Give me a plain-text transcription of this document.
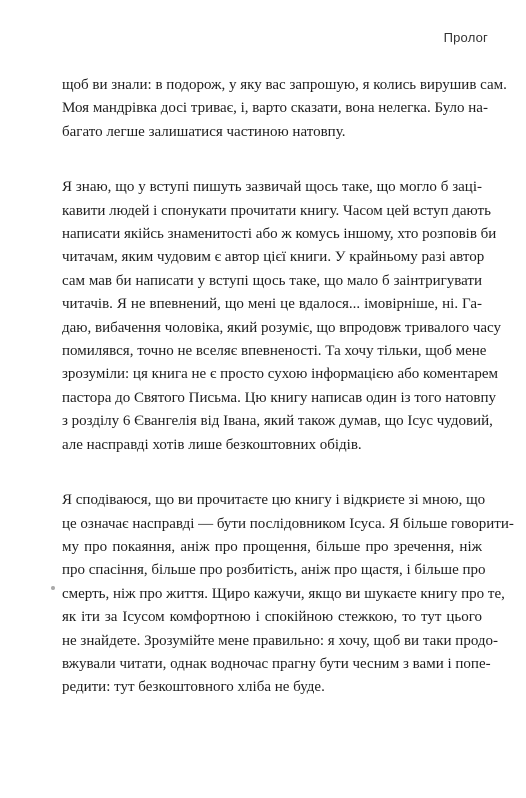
Пролог

щоб ви знали: в подорож, у яку вас запрошую, я колись вирушив сам.
Моя мандрівка досі триває, і, варто сказати, вона нелегка. Було на-
багато легше залишатися частиною натовпу.

Я знаю, що у вступі пишуть зазвичай щось таке, що могло б заці-
кавити людей і спонукати прочитати книгу. Часом цей вступ дають
написати якійсь знаменитості або ж комусь іншому, хто розповів би
читачам, яким чудовим є автор цієї книги. У крайньому разі автор
сам мав би написати у вступі щось таке, що мало б заінтригувати
читачів. Я не впевнений, що мені це вдалося... імовірніше, ні. Га-
даю, вибачення чоловіка, який розуміє, що впродовж тривалого часу
помилявся, точно не вселяє впевненості. Та хочу тільки, щоб мене
зрозуміли: ця книга не є просто сухою інформацією або коментарем
пастора до Святого Письма. Цю книгу написав один із того натовпу
з розділу 6 Євангелія від Івана, який також думав, що Ісус чудовий,
але насправді хотів лише безкоштовних обідів.

Я сподіваюся, що ви прочитаєте цю книгу і відкриєте зі мною, що
це означає насправді — бути послідовником Ісуса. Я більше говорити-
му про покаяння, аніж про прощення, більше про зречення, ніж
про спасіння, більше про розбитість, аніж про щастя, і більше про
смерть, ніж про життя. Щиро кажучи, якщо ви шукаєте книгу про те,
як іти за Ісусом комфортною і спокійною стежкою, то тут цього
не знайдете. Зрозумійте мене правильно: я хочу, щоб ви таки продо-
вжували читати, однак водночас прагну бути чесним з вами і попе-
редити: тут безкоштовного хліба не буде.
